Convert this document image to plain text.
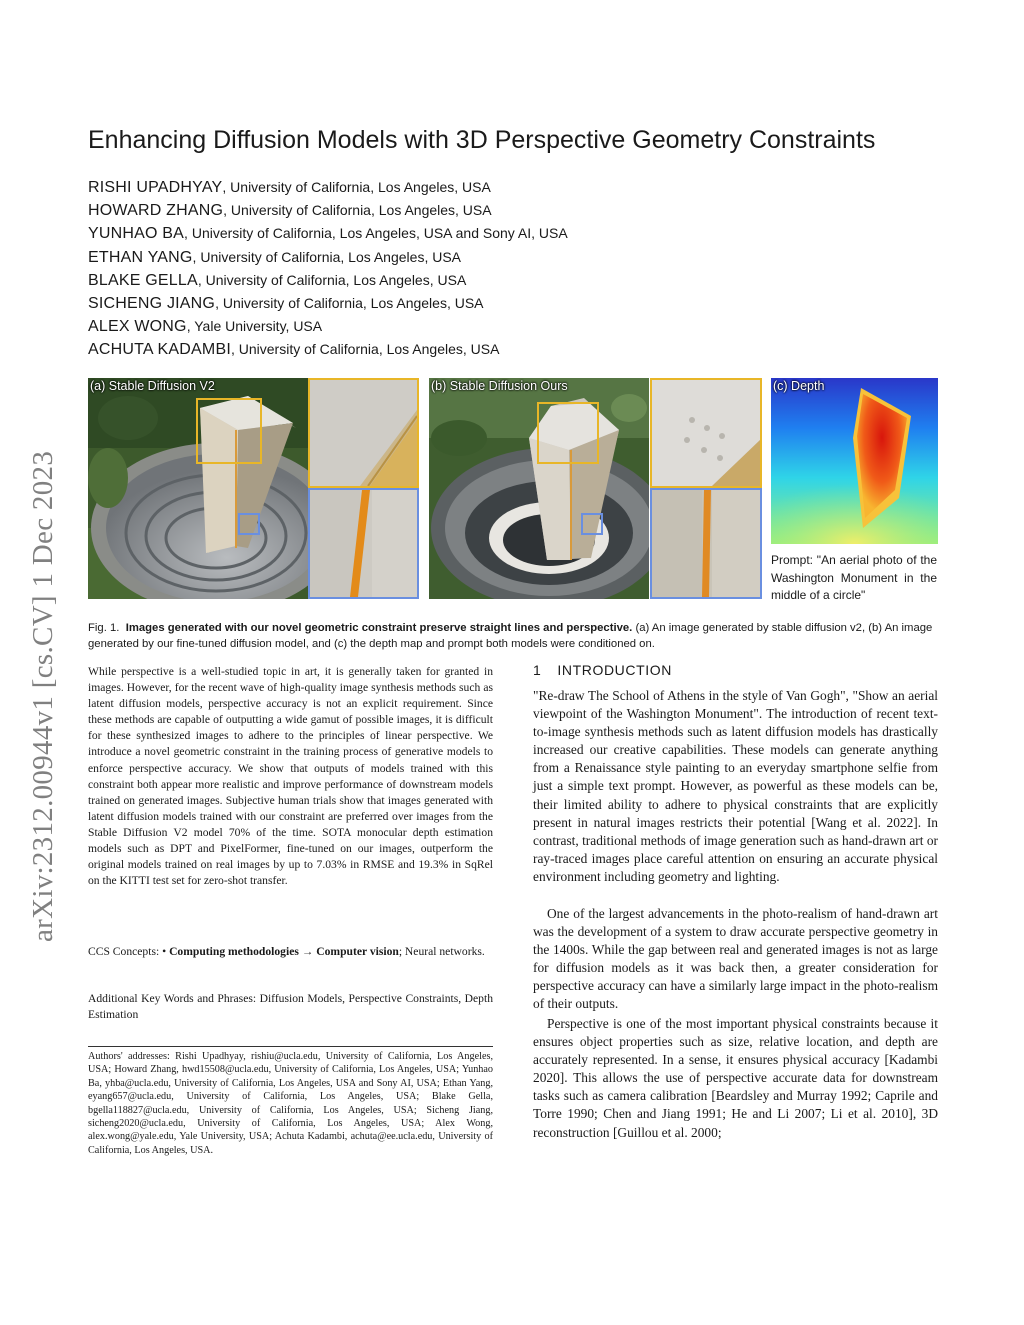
arXiv:2312.00944v1 [cs.CV] 1 Dec 2023
Enhancing Diffusion Models with 3D Perspective Geometry Constraints
RISHI UPADHYAY, University of California, Los Angeles, USA
HOWARD ZHANG, University of California, Los Angeles, USA
YUNHAO BA, University of California, Los Angeles, USA and Sony AI, USA
ETHAN YANG, University of California, Los Angeles, USA
BLAKE GELLA, University of California, Los Angeles, USA
SICHENG JIANG, University of California, Los Angeles, USA
ALEX WONG, Yale University, USA
ACHUTA KADAMBI, University of California, Los Angeles, USA
(a) Stable Diffusion V2	(b) Stable Diffusion Ours	(c) Depth

Prompt: "An aerial photo of the Washington Monument in the middle of a circle"

Fig. 1. Images generated with our novel geometric constraint preserve straight lines and perspective. (a) An image generated by stable diffusion v2, (b) An image generated by our fine-tuned diffusion model, and (c) the depth map and prompt both models were conditioned on.

While perspective is a well-studied topic in art, it is generally taken for granted in images. However, for the recent wave of high-quality image synthesis methods such as latent diffusion models, perspective accuracy is not an explicit requirement. Since these methods are capable of outputting a wide gamut of possible images, it is difficult for these synthesized images to adhere to the principles of linear perspective. We introduce a novel geometric constraint in the training process of generative models to enforce perspective accuracy. We show that outputs of models trained with this constraint both appear more realistic and improve performance of downstream models trained on generated images. Subjective human trials show that images generated with latent diffusion models trained with our constraint are preferred over images from the Stable Diffusion V2 model 70% of the time. SOTA monocular depth estimation models such as DPT and PixelFormer, fine-tuned on our images, outperform the original models trained on real images by up to 7.03% in RMSE and 19.3% in SqRel on the KITTI test set for zero-shot transfer.

CCS Concepts: • Computing methodologies → Computer vision; Neural networks.

Additional Key Words and Phrases: Diffusion Models, Perspective Constraints, Depth Estimation

Authors' addresses: Rishi Upadhyay, rishiu@ucla.edu, University of California, Los Angeles, USA; Howard Zhang, hwd15508@ucla.edu, University of California, Los Angeles, USA; Yunhao Ba, yhba@ucla.edu, University of California, Los Angeles, USA and Sony AI, USA; Ethan Yang, eyang657@ucla.edu, University of California, Los Angeles, USA; Blake Gella, bgella118827@ucla.edu, University of California, Los Angeles, USA; Sicheng Jiang, sicheng2020@ucla.edu, University of California, Los Angeles, USA; Alex Wong, alex.wong@yale.edu, Yale University, USA; Achuta Kadambi, achuta@ee.ucla.edu, University of California, Los Angeles, USA.

1 INTRODUCTION

"Re-draw The School of Athens in the style of Van Gogh", "Show an aerial viewpoint of the Washington Monument". The introduction of recent text-to-image synthesis methods such as latent diffusion models has drastically increased our creative capabilities. These models can generate anything from a Renaissance style painting to an everyday smartphone selfie from just a simple text prompt. However, as powerful as these models can be, their limited ability to adhere to physical constraints that are explicitly present in natural images restricts their potential [Wang et al. 2022]. In contrast, traditional methods of image generation such as hand-drawn art or ray-traced images place careful attention on ensuring an accurate physical environment including geometry and lighting.

One of the largest advancements in the photo-realism of hand-drawn art was the development of a system to draw accurate perspective geometry in the 1400s. While the gap between real and generated images is not as large for diffusion models as it was back then, a greater consideration for perspective accuracy can have a similarly large impact in the photo-realism of their outputs.

Perspective is one of the most important physical constraints because it ensures object properties such as size, relative location, and depth are accurately represented. In a sense, it ensures physical accuracy [Kadambi 2020]. This allows the use of perspective accurate data for downstream tasks such as camera calibration [Beardsley and Murray 1992; Caprile and Torre 1990; Chen and Jiang 1991; He and Li 2007; Li et al. 2010], 3D reconstruction [Guillou et al. 2000;
